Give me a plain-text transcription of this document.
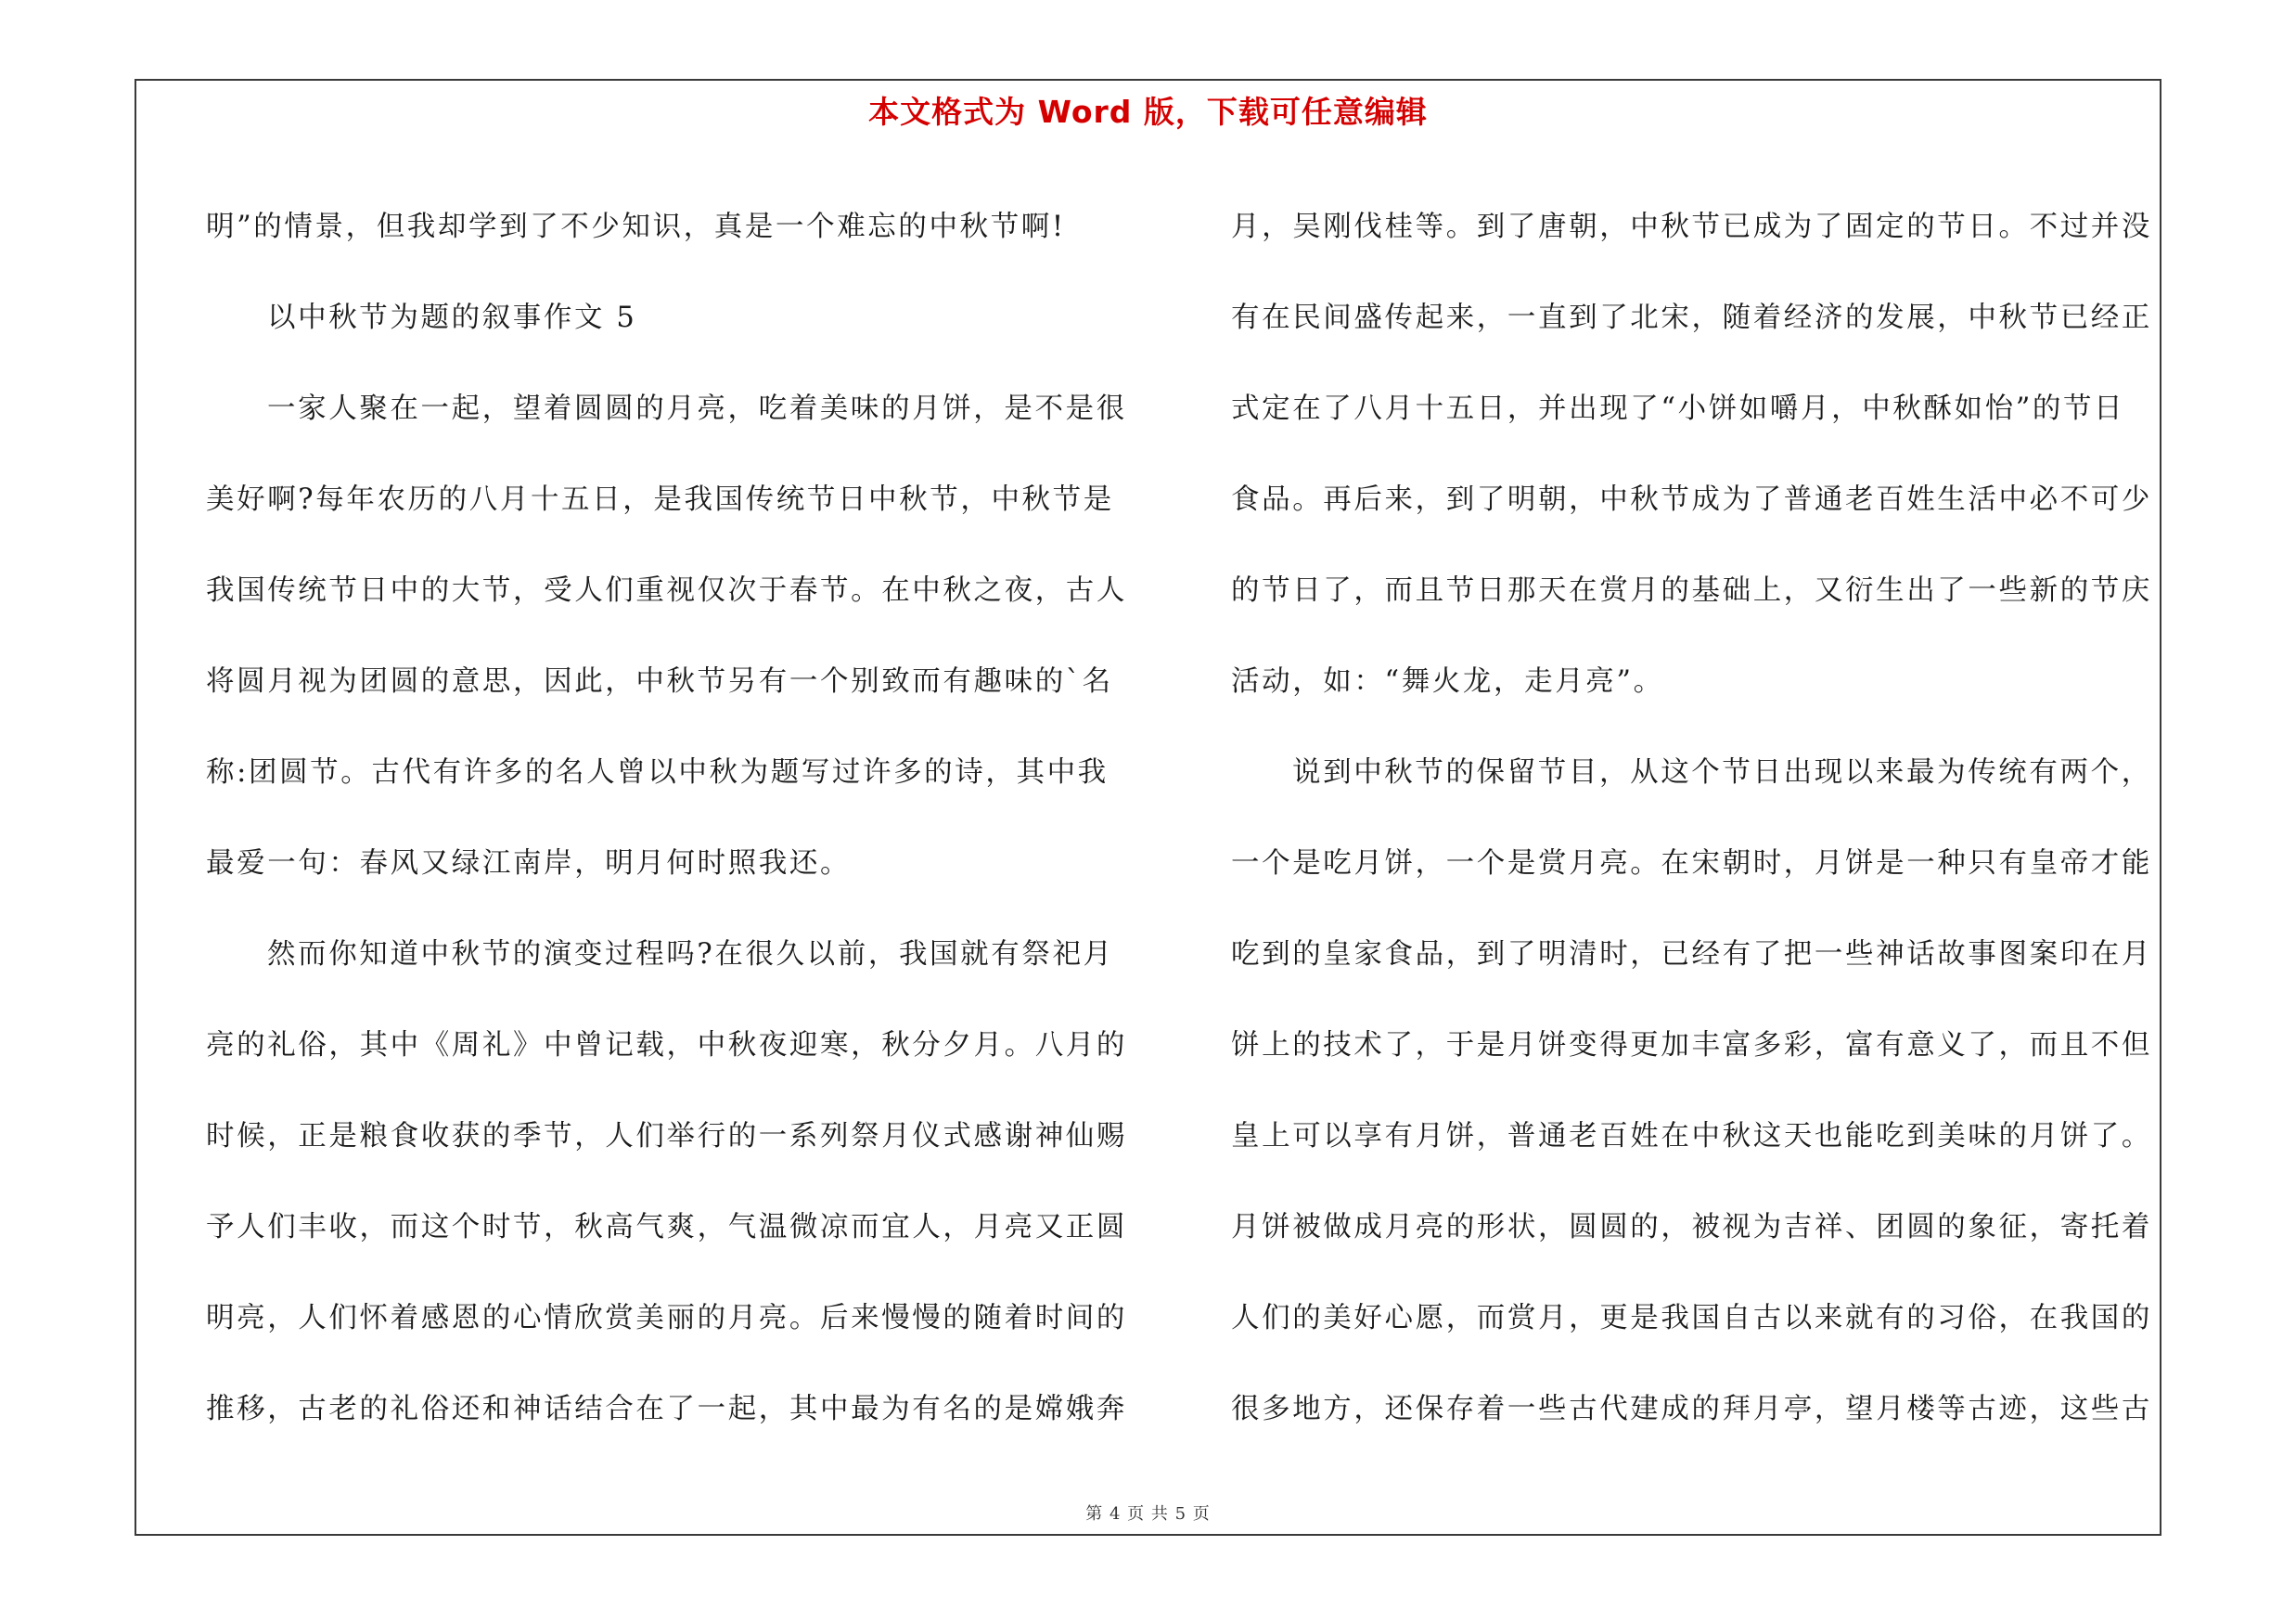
本文格式为 Word 版，下载可任意编辑
明”的情景，但我却学到了不少知识，真是一个难忘的中秋节啊!
以中秋节为题的叙事作文 5
一家人聚在一起，望着圆圆的月亮，吃着美味的月饼，是不是很
美好啊?每年农历的八月十五日，是我国传统节日中秋节，中秋节是
我国传统节日中的大节，受人们重视仅次于春节。在中秋之夜，古人
将圆月视为团圆的意思，因此，中秋节另有一个别致而有趣味的`名
称:团圆节。古代有许多的名人曾以中秋为题写过许多的诗，其中我
最爱一句：春风又绿江南岸，明月何时照我还。
然而你知道中秋节的演变过程吗?在很久以前，我国就有祭祀月
亮的礼俗，其中《周礼》中曾记载，中秋夜迎寒，秋分夕月。八月的
时候，正是粮食收获的季节，人们举行的一系列祭月仪式感谢神仙赐
予人们丰收，而这个时节，秋高气爽，气温微凉而宜人，月亮又正圆
明亮，人们怀着感恩的心情欣赏美丽的月亮。后来慢慢的随着时间的
推移，古老的礼俗还和神话结合在了一起，其中最为有名的是嫦娥奔
月，吴刚伐桂等。到了唐朝，中秋节已成为了固定的节日。不过并没
有在民间盛传起来，一直到了北宋，随着经济的发展，中秋节已经正
式定在了八月十五日，并出现了“小饼如嚼月，中秋酥如怡”的节日
食品。再后来，到了明朝，中秋节成为了普通老百姓生活中必不可少
的节日了，而且节日那天在赏月的基础上，又衍生出了一些新的节庆
活动，如：“舞火龙，走月亮”。
说到中秋节的保留节目，从这个节日出现以来最为传统有两个，
一个是吃月饼，一个是赏月亮。在宋朝时，月饼是一种只有皇帝才能
吃到的皇家食品，到了明清时，已经有了把一些神话故事图案印在月
饼上的技术了，于是月饼变得更加丰富多彩，富有意义了，而且不但
皇上可以享有月饼，普通老百姓在中秋这天也能吃到美味的月饼了。
月饼被做成月亮的形状，圆圆的，被视为吉祥、团圆的象征，寄托着
人们的美好心愿，而赏月，更是我国自古以来就有的习俗，在我国的
很多地方，还保存着一些古代建成的拜月亭，望月楼等古迹，这些古
第 4 页 共 5 页
